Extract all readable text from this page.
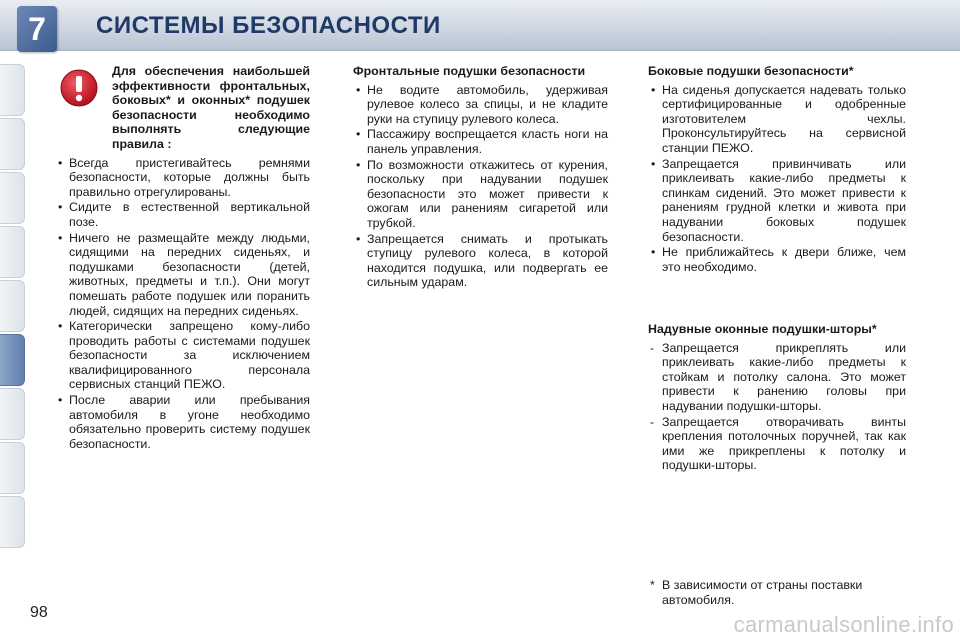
7	СИСТЕМЫ БЕЗОПАСНОСТИ
Для обеспечения наибольшей эффективности фронтальных, боковых* и оконных* подушек безопасности необходимо выполнять следующие правила :
• Всегда пристегивайтесь ремнями безопасности, которые должны быть правильно отрегулированы.
• Сидите в естественной вертикальной позе.
• Ничего не размещайте между людьми, сидящими на передних сиденьях, и подушками безопасности (детей, животных, предметы и т.п.). Они могут помешать работе подушек или поранить людей, сидящих на передних сиденьях.
• Категорически запрещено кому-либо проводить работы с системами подушек безопасности за исключением квалифицированного персонала сервисных станций ПЕЖО.
• После аварии или пребывания автомобиля в угоне необходимо обязательно проверить систему подушек безопасности.
Фронтальные подушки безопасности
• Не водите автомобиль, удерживая рулевое колесо за спицы, и не кладите руки на ступицу рулевого колеса.
• Пассажиру воспрещается класть ноги на панель управления.
• По возможности откажитесь от курения, поскольку при надувании подушек безопасности это может привести к ожогам или ранениям сигаретой или трубкой.
• Запрещается снимать и протыкать ступицу рулевого колеса, в которой находится подушка, или подвергать ее сильным ударам.
Боковые подушки безопасности*
• На сиденья допускается надевать только сертифицированные и одобренные изготовителем чехлы. Проконсультируйтесь на сервисной станции ПЕЖО.
• Запрещается привинчивать или приклеивать какие-либо предметы к спинкам сидений. Это может привести к ранениям грудной клетки и живота при надувании боковых подушек безопасности.
• Не приближайтесь к двери ближе, чем это необходимо.
Надувные оконные подушки-шторы*
- Запрещается прикреплять или приклеивать какие-либо предметы к стойкам и потолку салона. Это может привести к ранению головы при надувании подушки-шторы.
- Запрещается отворачивать винты крепления потолочных поручней, так как ими же прикреплены к потолку и подушки-шторы.
* В зависимости от страны поставки автомобиля.
98	carmanualsonline.info
